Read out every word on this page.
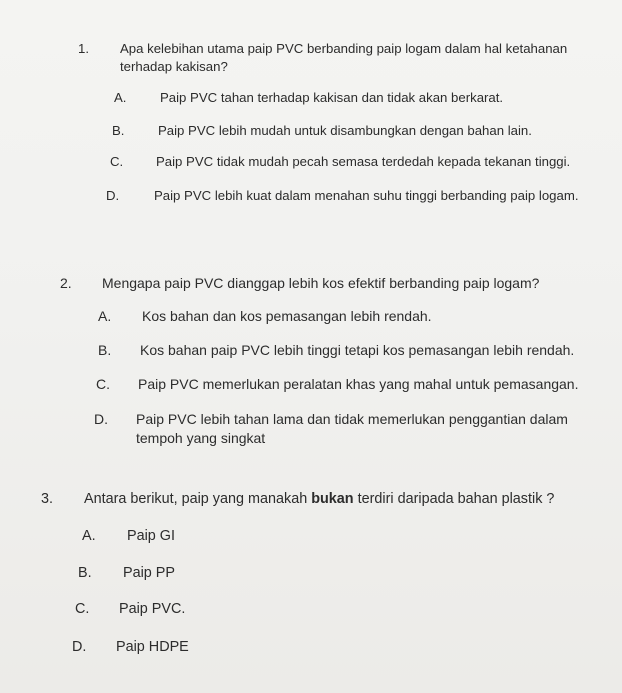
1. Apa kelebihan utama paip PVC berbanding paip logam dalam hal ketahanan
terhadap kakisan?
A.	Paip PVC tahan terhadap kakisan dan tidak akan berkarat.
B.	Paip PVC lebih mudah untuk disambungkan dengan bahan lain.
C. Paip PVC tidak mudah pecah semasa terdedah kepada tekanan tinggi.
D.	Paip PVC lebih kuat dalam menahan suhu tinggi berbanding paip logam.
2. Mengapa paip PVC dianggap lebih kos efektif berbanding paip logam?
A. Kos bahan dan kos pemasangan lebih rendah.
B. Kos bahan paip PVC lebih tinggi tetapi kos pemasangan lebih rendah.
C. Paip PVC memerlukan peralatan khas yang mahal untuk pemasangan.
D. Paip PVC lebih tahan lama dan tidak memerlukan penggantian dalam
tempoh yang singkat
3. Antara berikut, paip yang manakah bukan terdiri daripada bahan plastik ?
A. Paip GI
B. Paip PP
C. Paip PVC.
D. Paip HDPE
